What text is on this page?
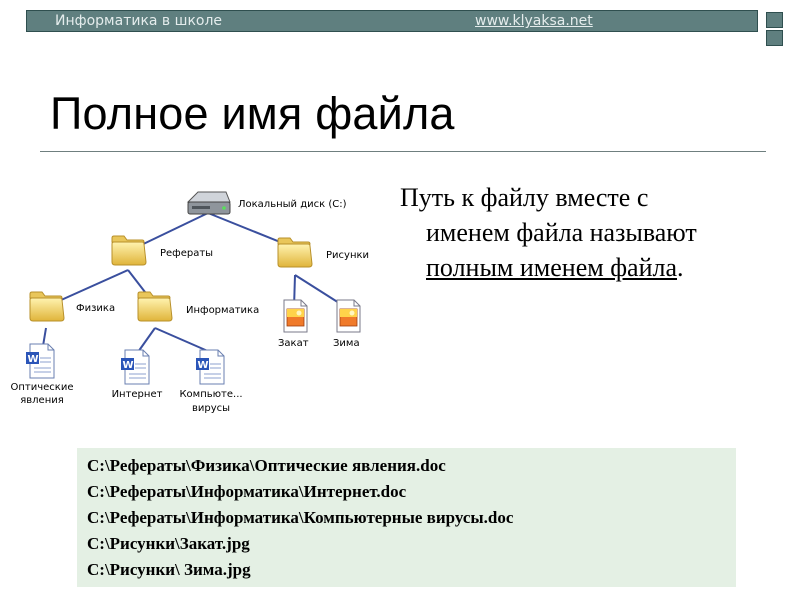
Информатика в школе	www.klyaksa.net
Полное имя файла
W
Локальный диск (C:)
Рефераты	Рисунки
Физика	Информатика
Закат Зима
Оптические
явления
Интернет Компьюте...
вирусы
Путь к файлу вместе с
именем файла называют
полным именем файла.
C:\Рефераты\Физика\Оптические явления.doc
C:\Рефераты\Информатика\Интернет.doc
C:\Рефераты\Информатика\Компьютерные вирусы.doc
C:\Рисунки\Закат.jpg
C:\Рисунки\ Зима.jpg
